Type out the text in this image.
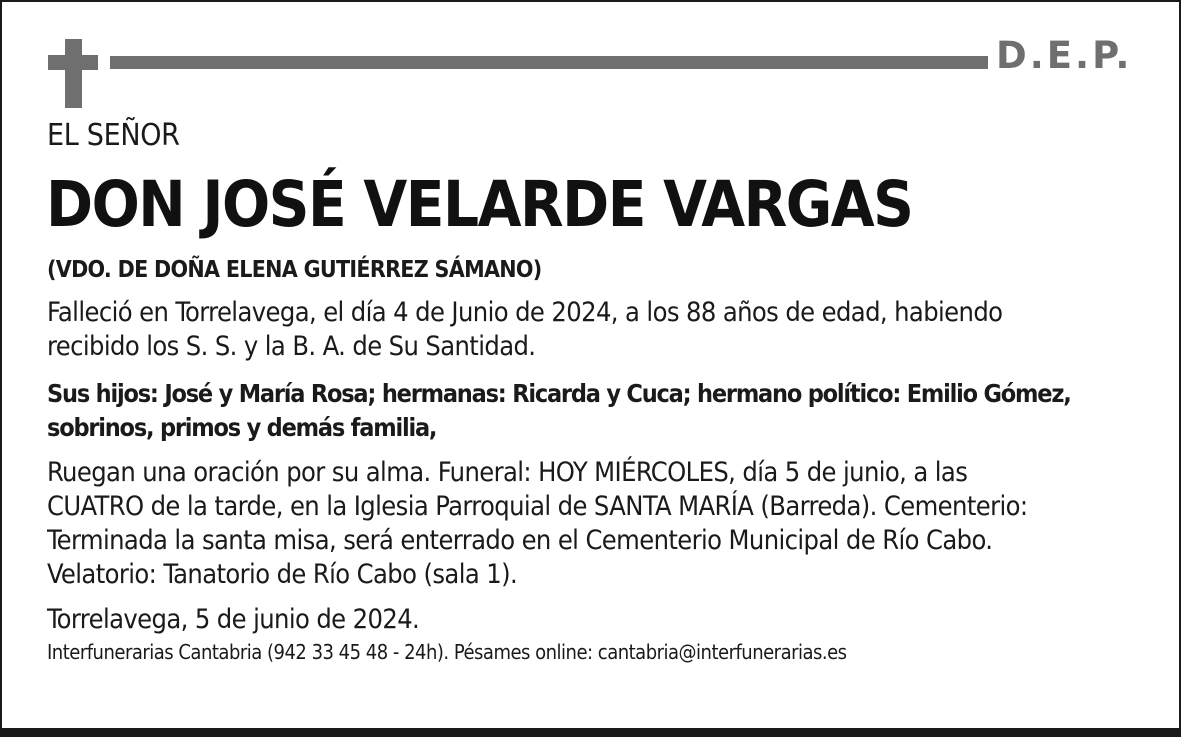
D.E.P.
EL SEÑOR
DON JOSÉ VELARDE VARGAS
(VDO. DE DOÑA ELENA GUTIÉRREZ SÁMANO)
Falleció en Torrelavega, el día 4 de Junio de 2024, a los 88 años de edad, habiendo
recibido los S. S. y la B. A. de Su Santidad.
Sus hijos: José y María Rosa; hermanas: Ricarda y Cuca; hermano político: Emilio Gómez,
sobrinos, primos y demás familia,
Ruegan una oración por su alma. Funeral: HOY MIÉRCOLES, día 5 de junio, a las
CUATRO de la tarde, en la Iglesia Parroquial de SANTA MARÍA (Barreda). Cementerio:
Terminada la santa misa, será enterrado en el Cementerio Municipal de Río Cabo.
Velatorio: Tanatorio de Río Cabo (sala 1).
Torrelavega, 5 de junio de 2024.
Interfunerarias Cantabria (942 33 45 48 - 24h). Pésames online: cantabria@interfunerarias.es
